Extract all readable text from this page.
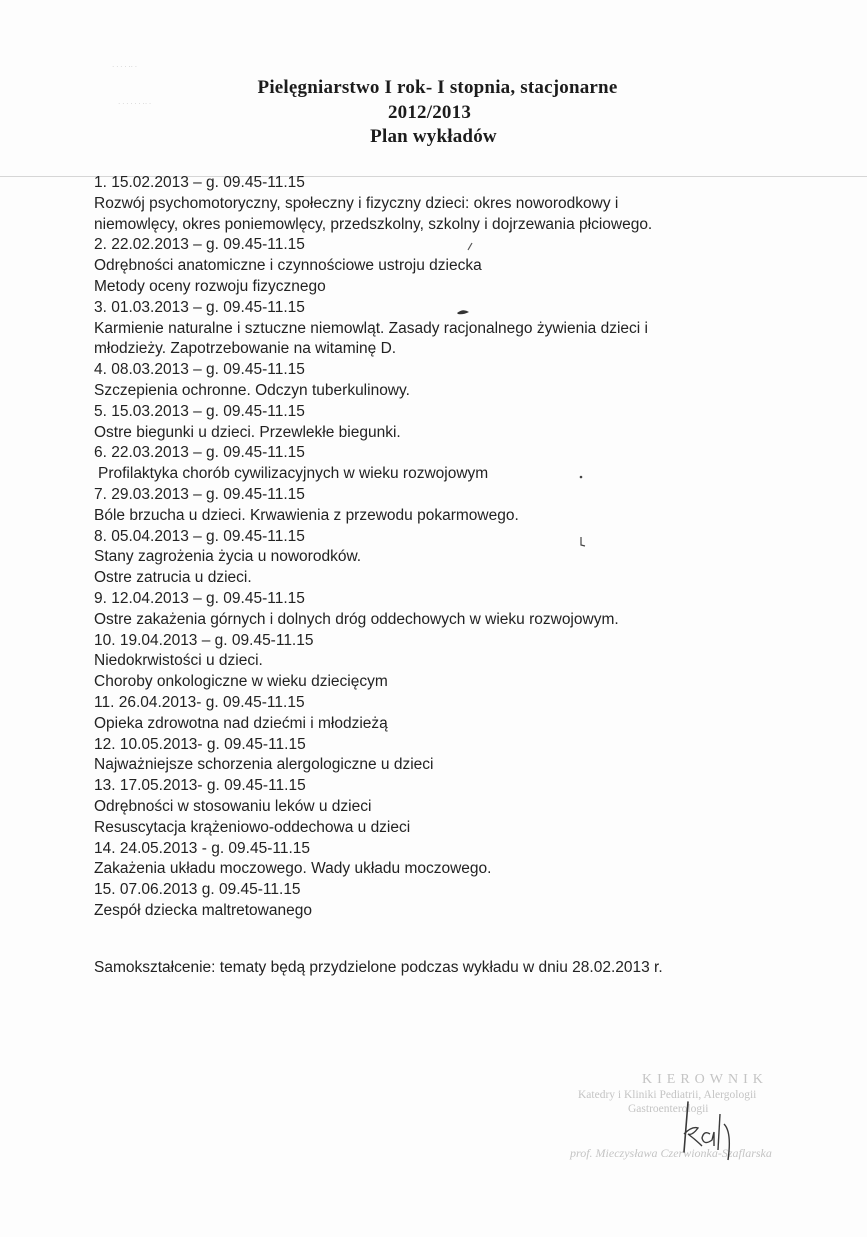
· · · · ·· ·
· · · · · · ·· ·
Pielęgniarstwo I rok- I stopnia, stacjonarne
2012/2013
Plan wykładów
1. 15.02.2013 – g. 09.45-11.15
Rozwój psychomotoryczny, społeczny i fizyczny dzieci: okres noworodkowy i
niemowlęcy, okres poniemowlęcy, przedszkolny, szkolny i dojrzewania płciowego.
2. 22.02.2013 – g. 09.45-11.15
Odrębności anatomiczne i czynnościowe ustroju dziecka
Metody oceny rozwoju fizycznego
3. 01.03.2013 – g. 09.45-11.15
Karmienie naturalne i sztuczne niemowląt. Zasady racjonalnego żywienia dzieci i
młodzieży. Zapotrzebowanie na witaminę D.
4. 08.03.2013 – g. 09.45-11.15
Szczepienia ochronne. Odczyn tuberkulinowy.
5. 15.03.2013 – g. 09.45-11.15
Ostre biegunki u dzieci. Przewlekłe biegunki.
6. 22.03.2013 – g. 09.45-11.15
Profilaktyka chorób cywilizacyjnych w wieku rozwojowym
7. 29.03.2013 – g. 09.45-11.15
Bóle brzucha u dzieci. Krwawienia z przewodu pokarmowego.
8. 05.04.2013 – g. 09.45-11.15
Stany zagrożenia życia u noworodków.
Ostre zatrucia u dzieci.
9. 12.04.2013 – g. 09.45-11.15
Ostre zakażenia górnych i dolnych dróg oddechowych w wieku rozwojowym.
10. 19.04.2013 – g. 09.45-11.15
Niedokrwistości u dzieci.
Choroby onkologiczne w wieku dziecięcym
11. 26.04.2013- g. 09.45-11.15
Opieka zdrowotna nad dziećmi i młodzieżą
12. 10.05.2013- g. 09.45-11.15
Najważniejsze schorzenia alergologiczne u dzieci
13. 17.05.2013- g. 09.45-11.15
Odrębności w stosowaniu leków u dzieci
Resuscytacja krążeniowo-oddechowa u dzieci
14. 24.05.2013 - g. 09.45-11.15
Zakażenia układu moczowego. Wady układu moczowego.
15. 07.06.2013 g. 09.45-11.15
Zespół dziecka maltretowanego
Samokształcenie: tematy będą przydzielone podczas wykładu w dniu 28.02.2013 r.
KIEROWNIK
Katedry i Kliniki Pediatrii, Alergologii
Gastroenterologii
prof. Mieczysława Czerwionka-Szaflarska
